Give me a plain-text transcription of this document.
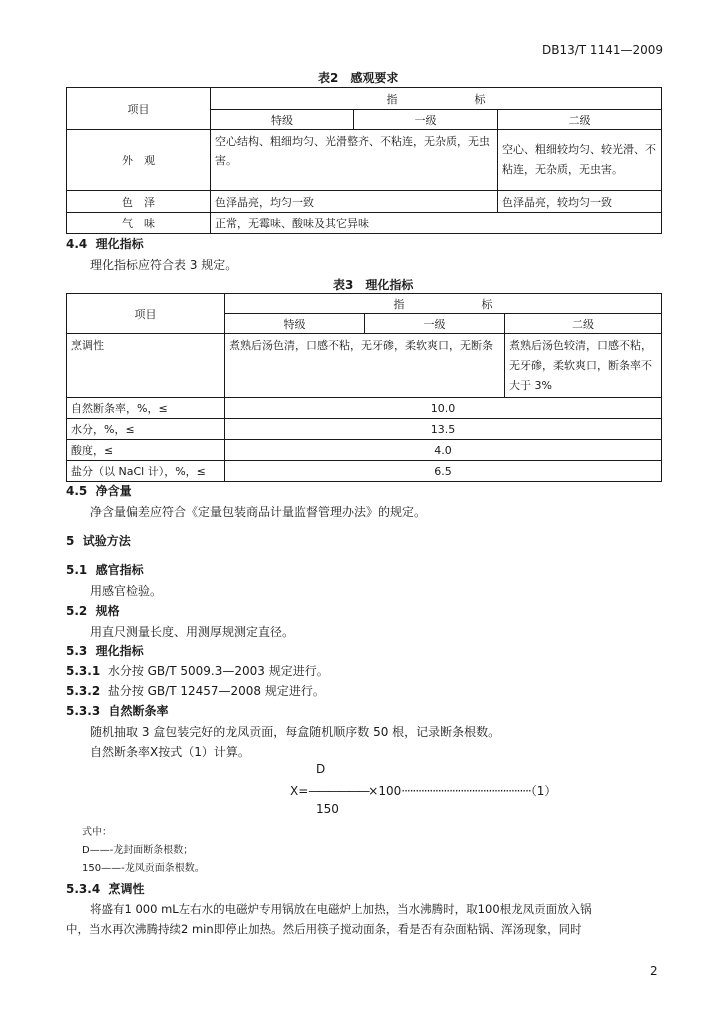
DB13/T 1141—2009
表2　感观要求
项目	指　　　　　　　标		
	特级	一级	二级
外　观	空心结构、粗细均匀、光滑整齐、不粘连，无杂质，无虫害。		空心、粗细较均匀、较光滑、不粘连，无杂质，无虫害。
色　泽	色泽晶亮，均匀一致		色泽晶亮，较均匀一致
气　味	正常，无霉味、酸味及其它异味		
4.4 理化指标
理化指标应符合表 3 规定。
表3　理化指标
项目	指　　　　　　　标		
	特级	一级	二级
烹调性	煮熟后汤色清，口感不粘，无牙碜，柔软爽口，无断条		煮熟后汤色较清，口感不粘，无牙碜，柔软爽口，断条率不大于 3%
自然断条率，%，≤	10.0		
水分，%，≤	13.5		
酸度，≤	4.0		
盐分（以 NaCl 计），%，≤	6.5		
4.5 净含量
净含量偏差应符合《定量包装商品计量监督管理办法》的规定。
5 试验方法
5.1 感官指标
用感官检验。
5.2 规格
用直尺测量长度、用测厚规测定直径。
5.3 理化指标
5.3.1 水分按 GB/T 5009.3—2003 规定进行。
5.3.2 盐分按 GB/T 12457—2008 规定进行。
5.3.3 自然断条率
随机抽取 3 盒包装完好的龙凤贡面，每盒随机顺序数 50 根，记录断条根数。
自然断条率X按式（1）计算。
D
X=——————×100··············································（1）
150
式中：
D——-龙封面断条根数；
150——-龙凤贡面条根数。
5.3.4 烹调性
将盛有1 000 mL左右水的电磁炉专用锅放在电磁炉上加热，当水沸腾时，取100根龙凤贡面放入锅
中，当水再次沸腾持续2 min即停止加热。然后用筷子搅动面条，看是否有杂面粘锅、浑汤现象，同时
2
